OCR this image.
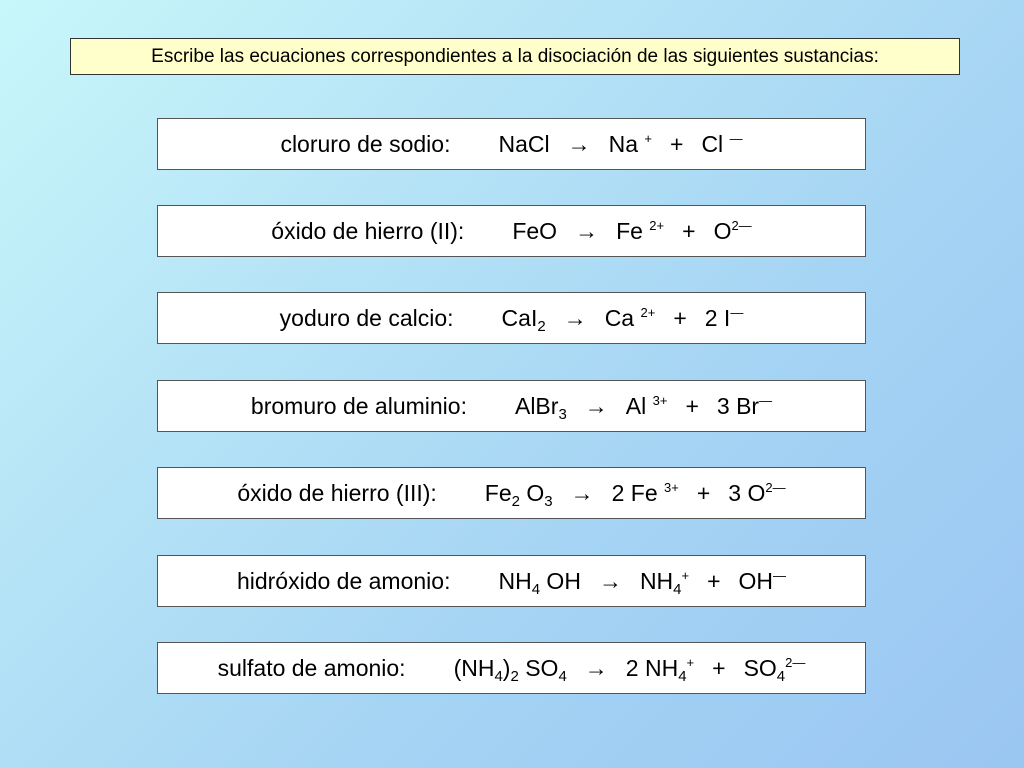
Escribe las ecuaciones correspondientes a la disociación de las siguientes sustancias:
cloruro de sodio: NaCl → Na + + Cl —
óxido de hierro (II): FeO → Fe $^{2+} + O^{2—}$
yoduro de calcio: CaI$_2$ → Ca $^{2+}$ + 2 I—
bromuro de aluminio: AlBr$_3$ → Al $^{3+}$ + 3 Br—
óxido de hierro (III): $Fe_2$ $O_3 \to 2$ Fe $^{3+}$ + 3 $O^{2—}$
hidróxido de amonio: $NH_4$ OH → $NH_4^+ + OH^—$
sulfato de amonio: $(NH_4)_2$ $SO_4 \to 2$ $NH_4^+ + SO_4^{2—}$
